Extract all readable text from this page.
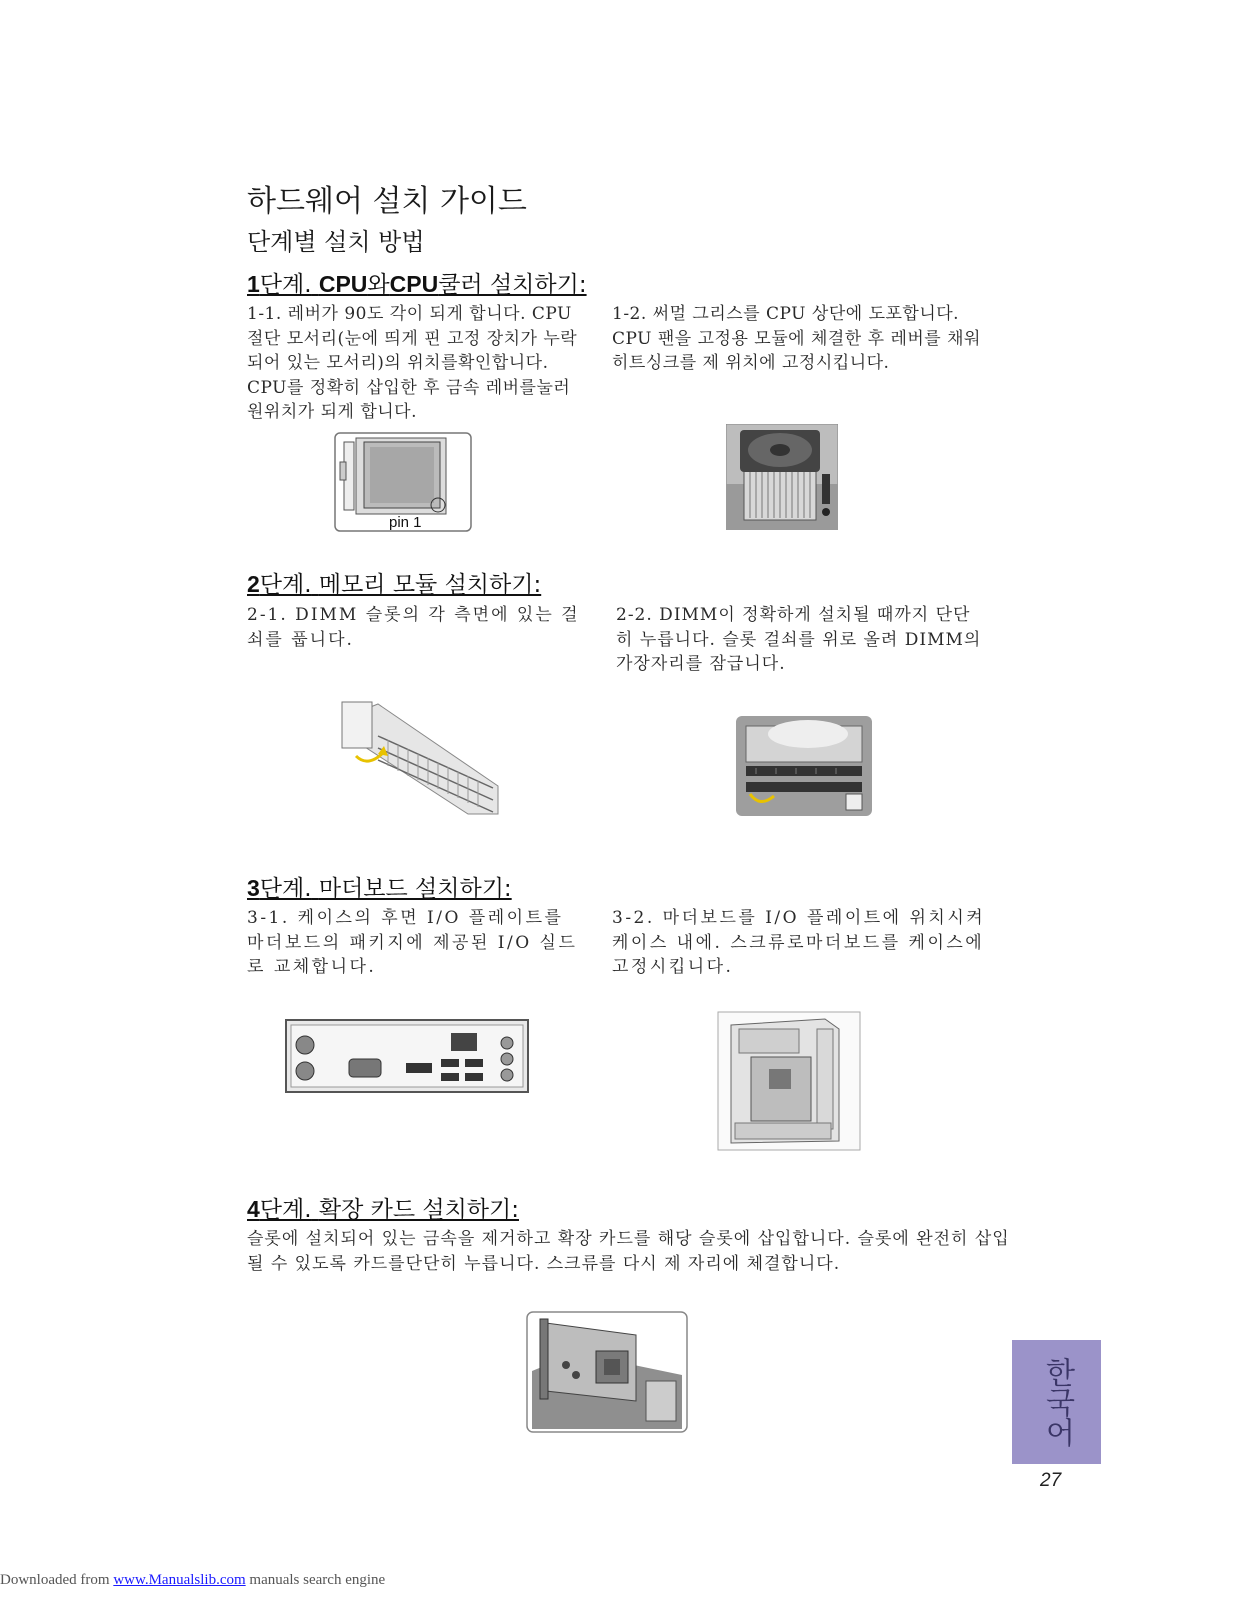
하드웨어 설치 가이드
단계별 설치 방법
1단계. CPU와CPU쿨러 설치하기:
1-1. 레버가 90도 각이 되게 합니다. CPU 절단 모서리(눈에 띄게 핀 고정 장치가 누락되어 있는 모서리)의 위치를확인합니다. CPU를 정확히 삽입한 후 금속 레버를눌러 원위치가 되게 합니다.
1-2. 써멀 그리스를 CPU 상단에 도포합니다. CPU 팬을 고정용 모듈에 체결한 후 레버를 채워 히트싱크를 제 위치에 고정시킵니다.
pin 1
2단계. 메모리 모듈 설치하기:
2-1. DIMM 슬롯의 각 측면에 있는 걸쇠를 풉니다.
2-2. DIMM이 정확하게 설치될 때까지 단단히 누릅니다. 슬롯 걸쇠를 위로 올려 DIMM의 가장자리를 잠급니다.
3단계. 마더보드 설치하기:
3-1. 케이스의 후면 I/O 플레이트를 마더보드의 패키지에 제공된 I/O 실드로 교체합니다.
3-2. 마더보드를 I/O 플레이트에 위치시켜 케이스 내에. 스크류로마더보드를 케이스에 고정시킵니다.
4단계. 확장 카드 설치하기:
슬롯에 설치되어 있는 금속을 제거하고 확장 카드를 해당 슬롯에 삽입합니다. 슬롯에 완전히 삽입될 수 있도록 카드를단단히 누릅니다. 스크류를 다시 제 자리에 체결합니다.
한국어
27
Downloaded from www.Manualslib.com manuals search engine
